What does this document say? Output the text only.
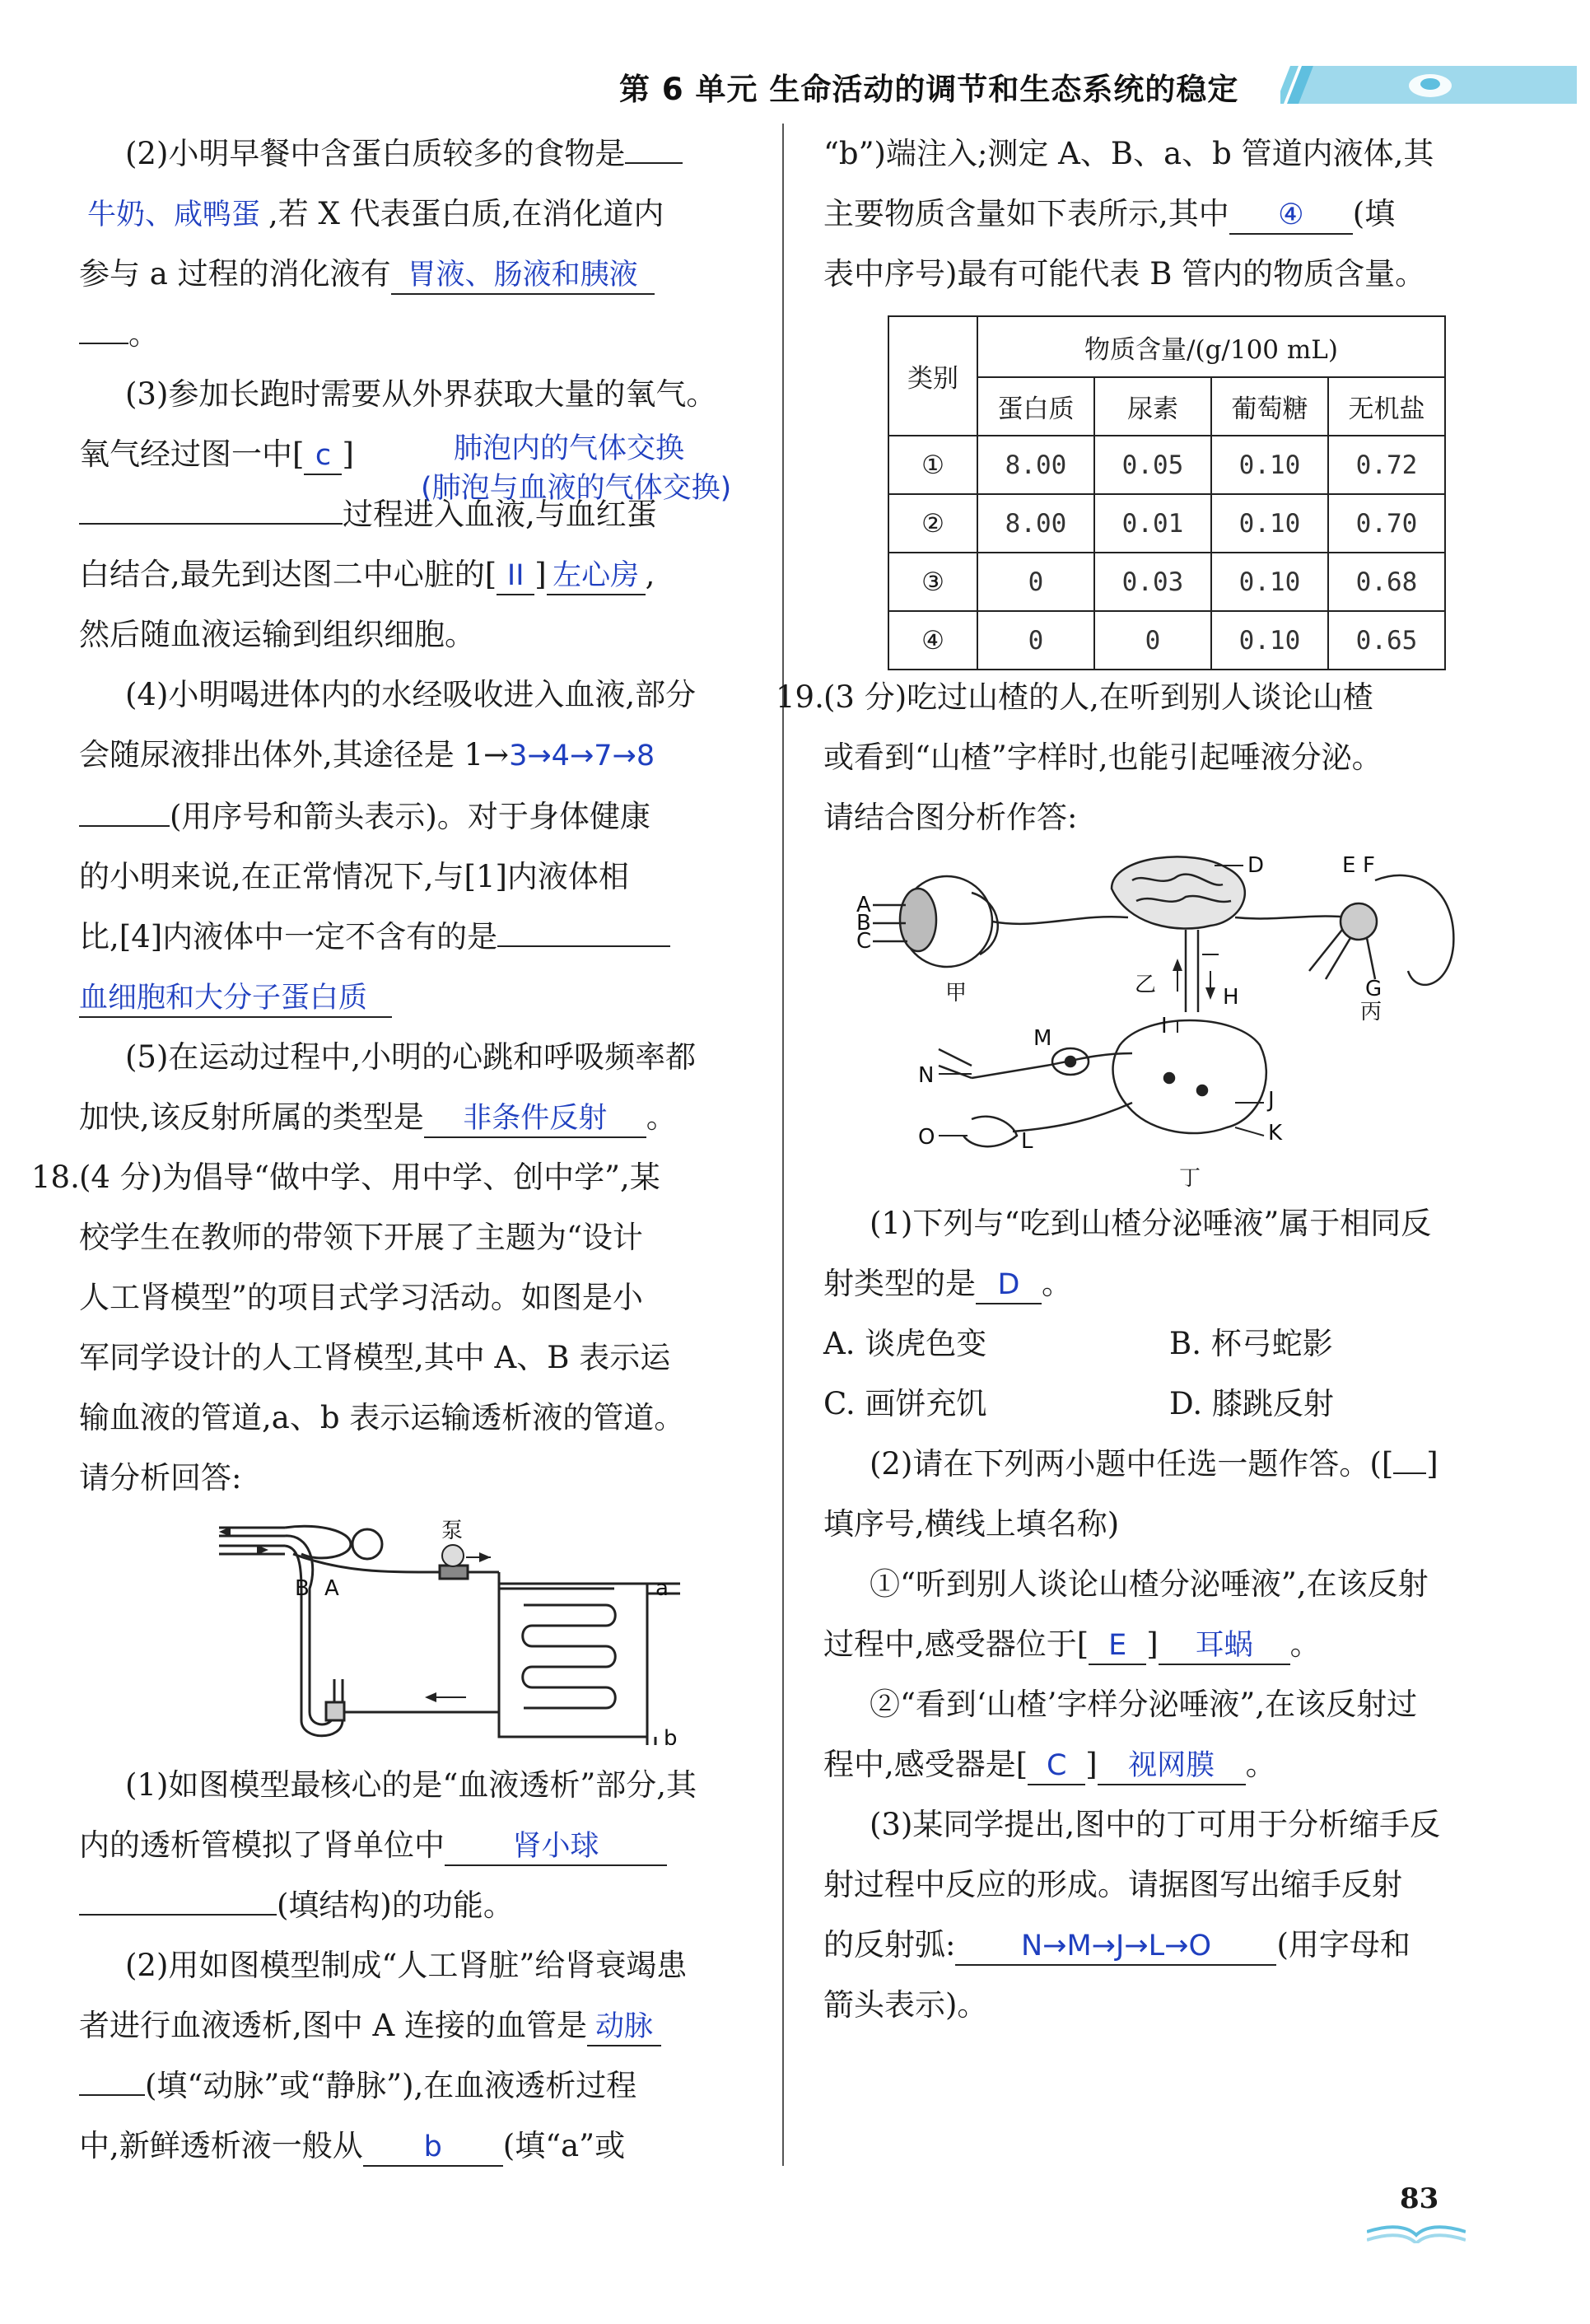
第 6 单元 生命活动的调节和生态系统的稳定
(2)小明早餐中含蛋白质较多的食物是
牛奶、咸鸭蛋 ,若 X 代表蛋白质,在消化道内
参与 a 过程的消化液有 胃液、肠液和胰液
。
(3)参加长跑时需要从外界获取大量的氧气。
氧气经过图一中[ c ]	肺泡内的气体交换
(肺泡与血液的气体交换)
过程进入血液,与血红蛋
白结合,最先到达图二中心脏的[ II ] 左心房 ,
然后随血液运输到组织细胞。
(4)小明喝进体内的水经吸收进入血液,部分
会随尿液排出体外,其途径是 1→3→4→7→8
(用序号和箭头表示)。对于身体健康
的小明来说,在正常情况下,与[1]内液体相
比,[4]内液体中一定不含有的是
血细胞和大分子蛋白质
(5)在运动过程中,小明的心跳和呼吸频率都
加快,该反射所属的类型是 非条件反射 。
18. (4 分)为倡导“做中学、用中学、创中学”,某
校学生在教师的带领下开展了主题为“设计
人工肾模型”的项目式学习活动。如图是小
军同学设计的人工肾模型,其中 A、B 表示运
输血液的管道,a、b 表示运输透析液的管道。
请分析回答:
泵
B A	a
b
(1)如图模型最核心的是“血液透析”部分,其
内的透析管模拟了肾单位中 肾小球
(填结构)的功能。
(2)用如图模型制成“人工肾脏”给肾衰竭患
者进行血液透析,图中 A 连接的血管是 动脉
(填“动脉”或“静脉”),在血液透析过程
中,新鲜透析液一般从 b (填“a”或
“b”)端注入;测定 A、B、a、b 管道内液体,其
主要物质含量如下表所示,其中 ④ (填
表中序号)最有可能代表 B 管内的物质含量。
类别	物质含量/(g/100 mL)			
	蛋白质	尿素	葡萄糖	无机盐
①	8.00	0.05	0.10	0.72
②	8.00	0.01	0.10	0.70
③	0	0.03	0.10	0.68
④	0	0	0.10	0.65
19. (3 分)吃过山楂的人,在听到别人谈论山楂
或看到“山楂”字样时,也能引起唾液分泌。
请结合图分析作答:
A
B
C
D	E F
G
H
I
J
K
L
M
N
O
甲	乙
丙
丁
(1)下列与“吃到山楂分泌唾液”属于相同反
射类型的是 D 。
A. 谈虎色变	B. 杯弓蛇影
C. 画饼充饥	D. 膝跳反射
(2)请在下列两小题中任选一题作答。([ ]
填序号,横线上填名称)
①“听到别人谈论山楂分泌唾液”,在该反射
过程中,感受器位于[ E ] 耳蜗 。
②“看到‘山楂’字样分泌唾液”,在该反射过
程中,感受器是[ C ] 视网膜 。
(3)某同学提出,图中的丁可用于分析缩手反
射过程中反应的形成。请据图写出缩手反射
的反射弧: N→M→J→L→O (用字母和
箭头表示)。
83
